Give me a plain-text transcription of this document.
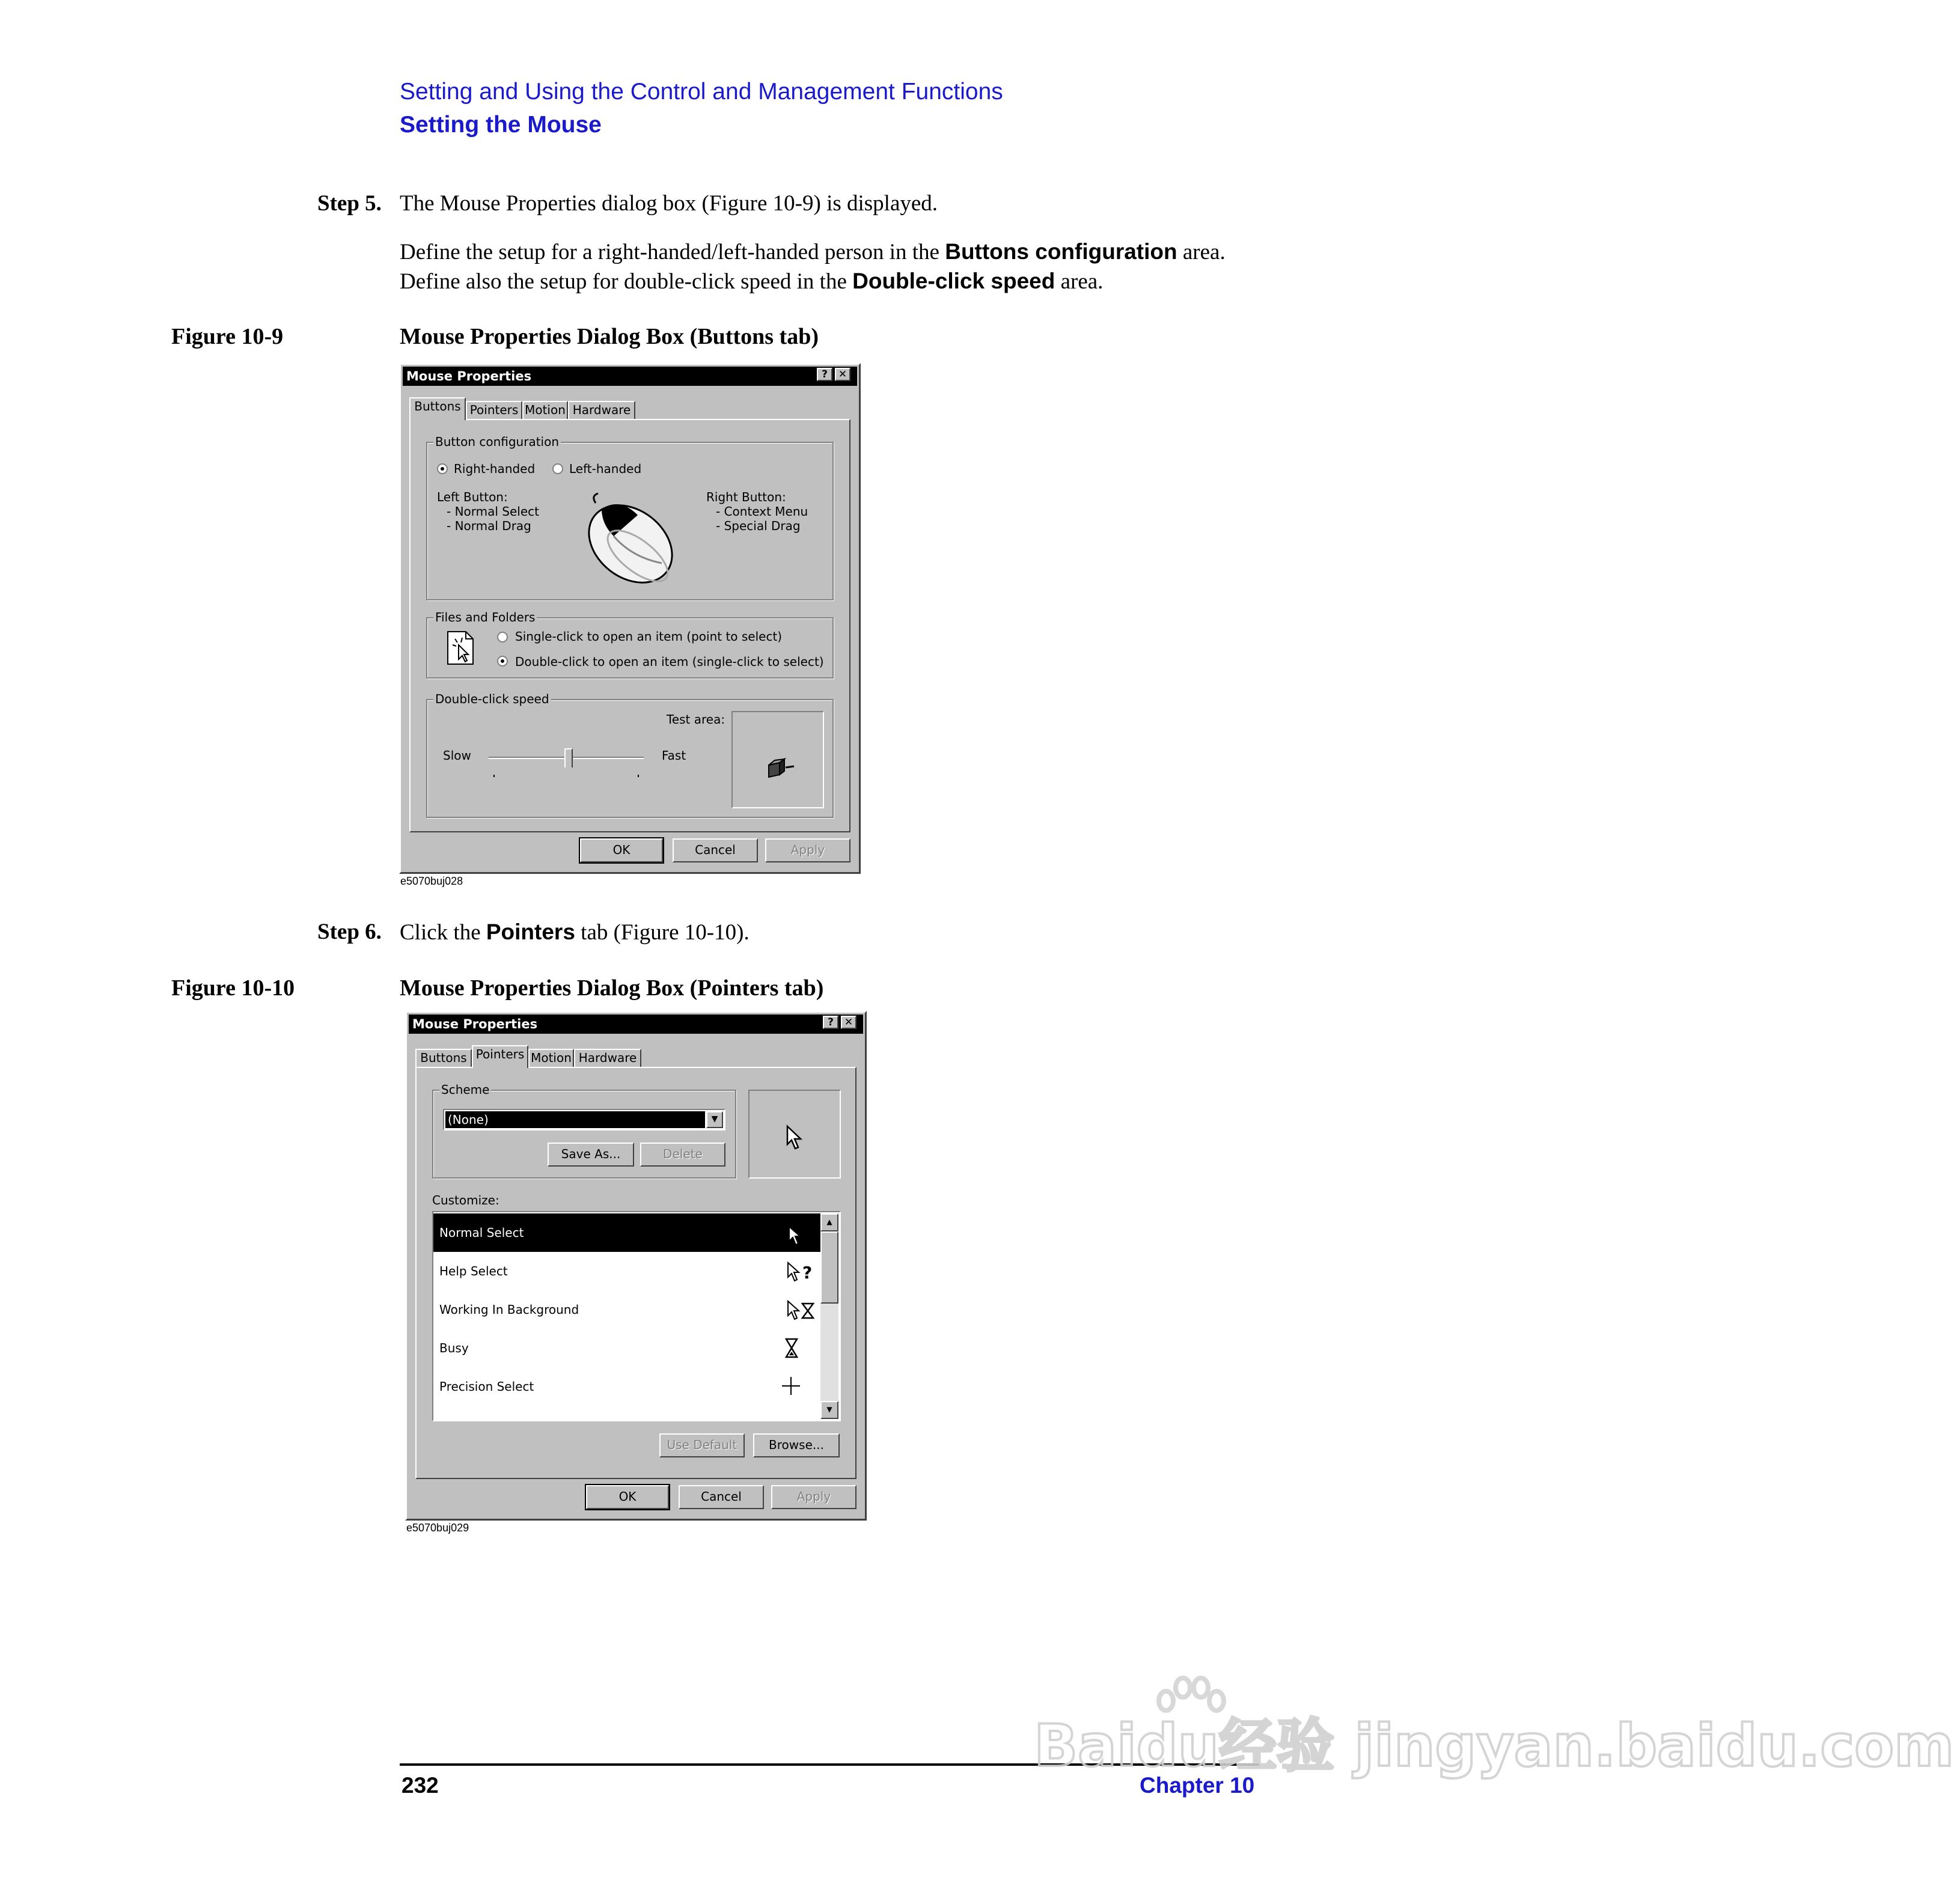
Setting and Using the Control and Management Functions
Setting the Mouse
Step 5. The Mouse Properties dialog box (Figure 10-9) is displayed.
Define the setup for a right-handed/left-handed person in the Buttons configuration area.
Define also the setup for double-click speed in the Double-click speed area.
Figure 10-9	Mouse Properties Dialog Box (Buttons tab)
Mouse Properties	?	✕
Buttons Pointers Motion Hardware
Button configuration
Right-handed	Left-handed
Left Button:
- Normal Select
- Normal Drag
Right Button:
- Context Menu
- Special Drag
Files and Folders
Single-click to open an item (point to select)
Double-click to open an item (single-click to select)
Double-click speed
Test area:
Slow	Fast
OK	Cancel	Apply
e5070buj028
Step 6. Click the Pointers tab (Figure 10-10).
Figure 10-10	Mouse Properties Dialog Box (Pointers tab)
Mouse Properties	?	✕
Buttons Pointers Motion Hardware
Scheme
(None)	▼
Save As...	Delete
Customize:
Normal Select
Help Select	?
Working In Background
Busy
Precision Select
▲
▼
Use Default	Browse...
OK	Cancel	Apply
e5070buj029
232	Chapter 10
Baidu经验 jingyan.baidu.com
